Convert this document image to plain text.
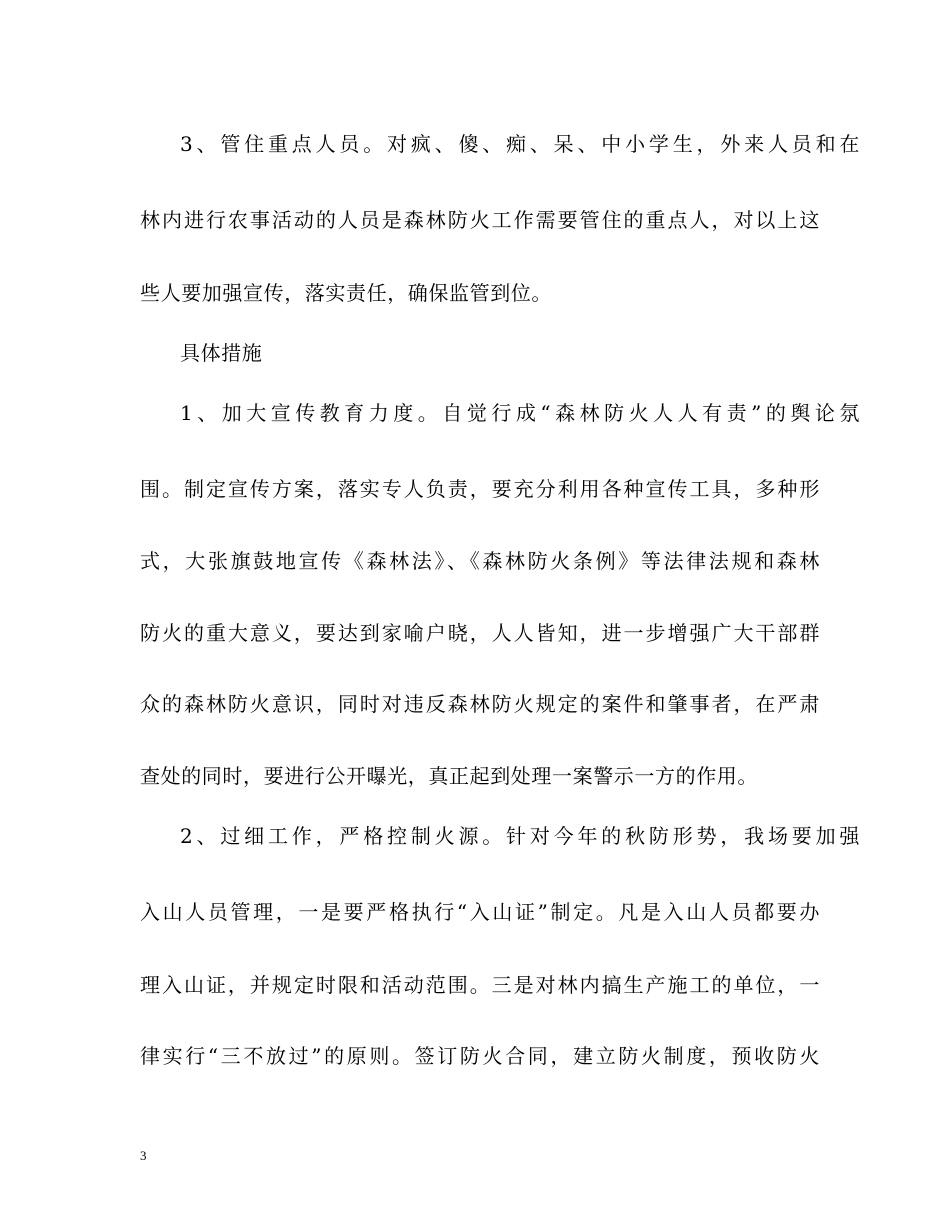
3、管住重点人员。对疯、傻、痴、呆、中小学生，外来人员和在
林内进行农事活动的人员是森林防火工作需要管住的重点人，对以上这
些人要加强宣传，落实责任，确保监管到位。
具体措施
1、加大宣传教育力度。自觉行成“森林防火人人有责”的舆论氛
围。制定宣传方案，落实专人负责，要充分利用各种宣传工具，多种形
式，大张旗鼓地宣传《森林法》、《森林防火条例》等法律法规和森林
防火的重大意义，要达到家喻户晓，人人皆知，进一步增强广大干部群
众的森林防火意识，同时对违反森林防火规定的案件和肇事者，在严肃
查处的同时，要进行公开曝光，真正起到处理一案警示一方的作用。
2、过细工作，严格控制火源。针对今年的秋防形势，我场要加强
入山人员管理，一是要严格执行“入山证”制定。凡是入山人员都要办
理入山证，并规定时限和活动范围。三是对林内搞生产施工的单位，一
律实行“三不放过”的原则。签订防火合同，建立防火制度，预收防火
3
